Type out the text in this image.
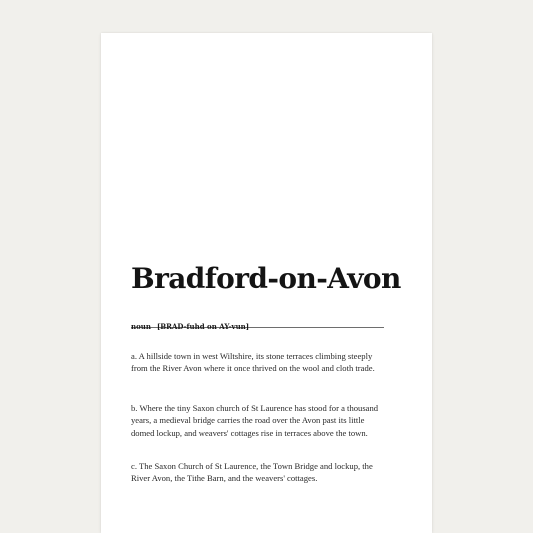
Bradford-on-Avon
noun [BRAD-fuhd on AY-vun]

a. A hillside town in west Wiltshire, its stone terraces climbing steeply from the River Avon where it once thrived on the wool and cloth trade.

b. Where the tiny Saxon church of St Laurence has stood for a thousand years, a medieval bridge carries the road over the Avon past its little domed lockup, and weavers' cottages rise in terraces above the town.

c. The Saxon Church of St Laurence, the Town Bridge and lockup, the River Avon, the Tithe Barn, and the weavers' cottages.
